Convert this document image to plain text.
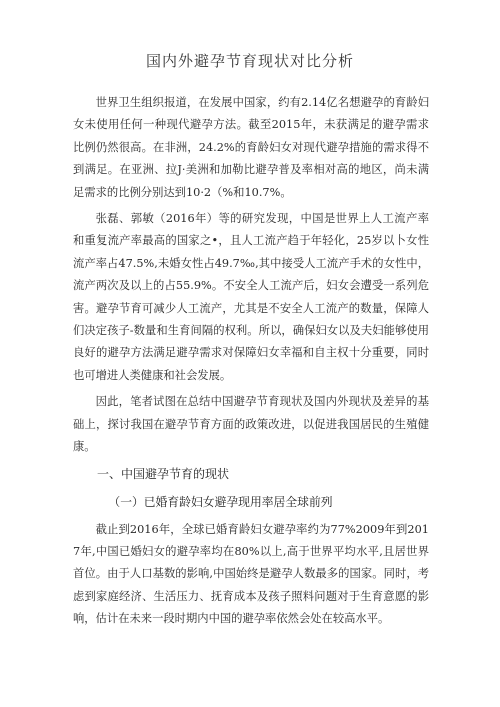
国内外避孕节育现状对比分析

世界卫生组织报道，在发展中国家，约有2.14亿名想避孕的育龄妇女未使用任何一种现代避孕方法。截至2015年，未获满足的避孕需求比例仍然很高。在非洲，24.2%的育龄妇女对现代避孕措施的需求得不到满足。在亚洲、拉J·美洲和加勒比避孕普及率相对高的地区，尚未满足需求的比例分别达到10·2（%和10.7%。

张磊、郭敏（2016年）等的研究发现，中国是世界上人工流产率和重复流产率最高的国家之•，且人工流产趋于年轻化，25岁以卜女性流产率占47.5%,未婚女性占49.7‰,其中接受人工流产手术的女性中，流产两次及以上的占55.9%。不安全人工流产后，妇女会遭受一系列危害。避孕节育可减少人工流产，尤其是不安全人工流产的数量，保障人们决定孩子-数量和生育间隔的权利。所以，确保妇女以及夫妇能够使用良好的避孕方法满足避孕需求对保障妇女幸福和自主权十分重要，同时也可增进人类健康和社会发展。

因此，笔者试图在总结中国避孕节育现状及国内外现状及差异的基础上，探讨我国在避孕节育方面的政策改进，以促进我国居民的生殖健康。

一、中国避孕节育的现状
（一）已婚育龄妇女避孕现用率居全球前列

截止到2016年，全球已婚育龄妇女避孕率约为77%2009年到2017年,中国已婚妇女的避孕率均在80%以上,高于世界平均水平,且居世界首位。由于人口基数的影响,中国始终是避孕人数最多的国家。同时，考虑到家庭经济、生活压力、抚育成本及孩子照料问题对于生育意愿的影响，估计在未来一段时期内中国的避孕率依然会处在较高水平。
